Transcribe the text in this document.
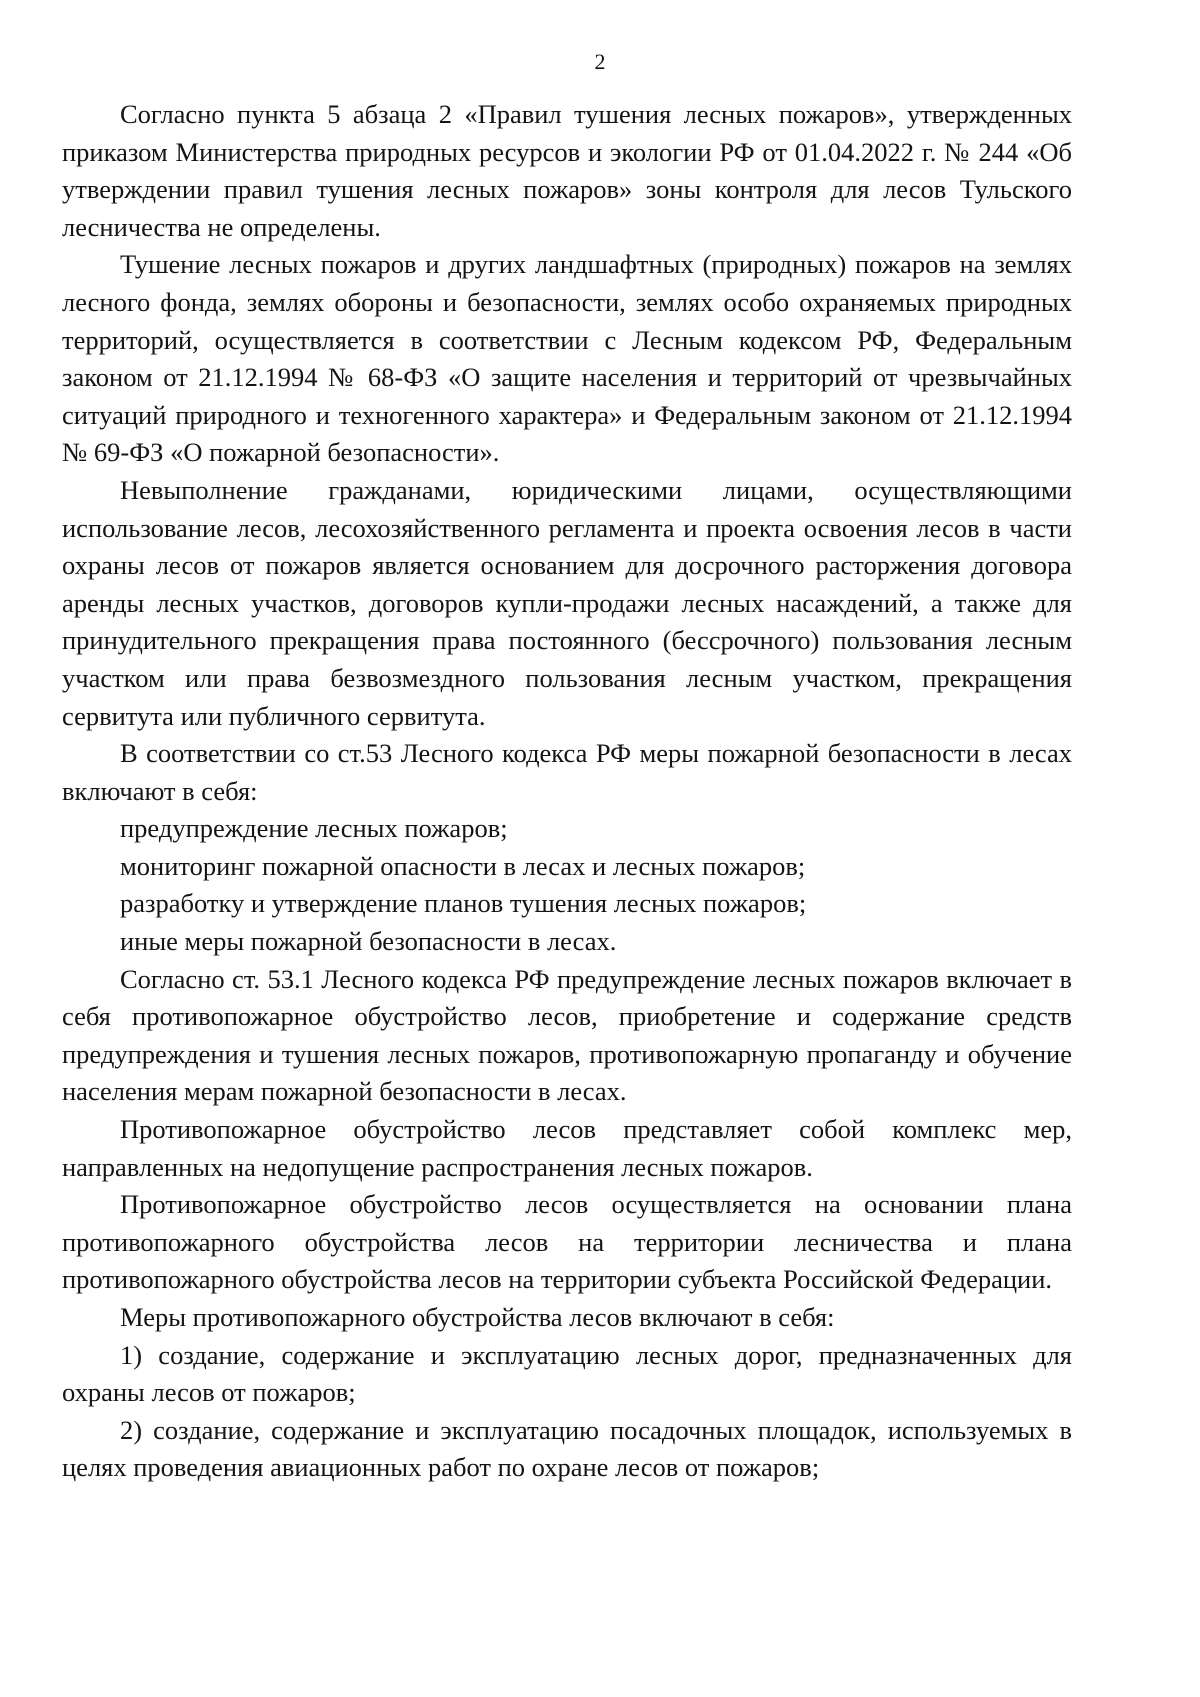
2

Согласно пункта 5 абзаца 2 «Правил тушения лесных пожаров», утвержденных приказом Министерства природных ресурсов и экологии РФ от 01.04.2022 г. № 244 «Об утверждении правил тушения лесных пожаров» зоны контроля для лесов Тульского лесничества не определены.

Тушение лесных пожаров и других ландшафтных (природных) пожаров на землях лесного фонда, землях обороны и безопасности, землях особо охраняемых природных территорий, осуществляется в соответствии с Лесным кодексом РФ, Федеральным законом от 21.12.1994 № 68-ФЗ «О защите населения и территорий от чрезвычайных ситуаций природного и техногенного характера» и Федеральным законом от 21.12.1994 № 69-ФЗ «О пожарной безопасности».

Невыполнение гражданами, юридическими лицами, осуществляющими использование лесов, лесохозяйственного регламента и проекта освоения лесов в части охраны лесов от пожаров является основанием для досрочного расторжения договора аренды лесных участков, договоров купли-продажи лесных насаждений, а также для принудительного прекращения права постоянного (бессрочного) пользования лесным участком или права безвозмездного пользования лесным участком, прекращения сервитута или публичного сервитута.

В соответствии со ст.53 Лесного кодекса РФ меры пожарной безопасности в лесах включают в себя:

предупреждение лесных пожаров;

мониторинг пожарной опасности в лесах и лесных пожаров;

разработку и утверждение планов тушения лесных пожаров;

иные меры пожарной безопасности в лесах.

Согласно ст. 53.1 Лесного кодекса РФ предупреждение лесных пожаров включает в себя противопожарное обустройство лесов, приобретение и содержание средств предупреждения и тушения лесных пожаров, противопожарную пропаганду и обучение населения мерам пожарной безопасности в лесах.

Противопожарное обустройство лесов представляет собой комплекс мер, направленных на недопущение распространения лесных пожаров.

Противопожарное обустройство лесов осуществляется на основании плана противопожарного обустройства лесов на территории лесничества и плана противопожарного обустройства лесов на территории субъекта Российской Федерации.

Меры противопожарного обустройства лесов включают в себя:

1) создание, содержание и эксплуатацию лесных дорог, предназначенных для охраны лесов от пожаров;

2) создание, содержание и эксплуатацию посадочных площадок, используемых в целях проведения авиационных работ по охране лесов от пожаров;
